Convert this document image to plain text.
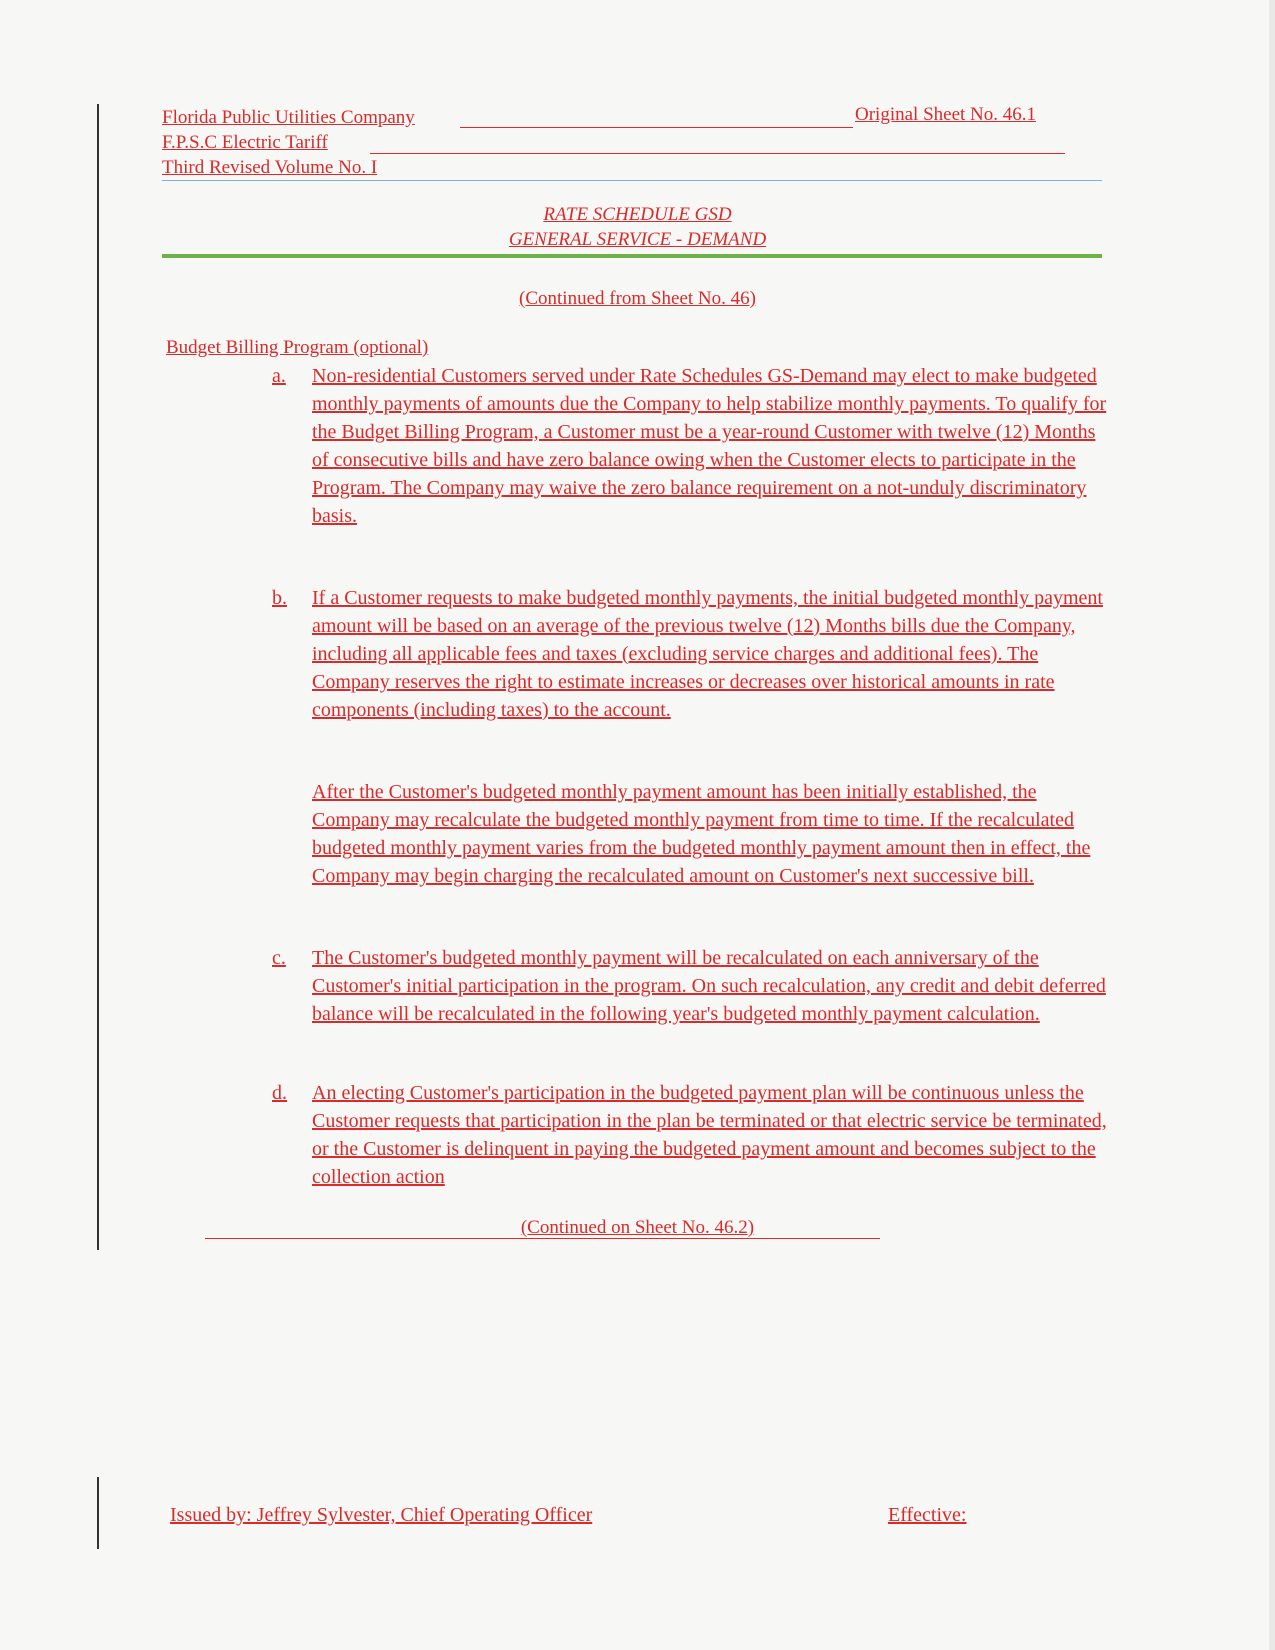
Florida Public Utilities Company	Original Sheet No. 46.1
F.P.S.C Electric Tariff
Third Revised Volume No. I
RATE SCHEDULE GSD
GENERAL SERVICE - DEMAND
(Continued from Sheet No. 46)
Budget Billing Program (optional)
a. Non-residential Customers served under Rate Schedules GS-Demand may elect to make budgeted monthly payments of amounts due the Company to help stabilize monthly payments. To qualify for the Budget Billing Program, a Customer must be a year-round Customer with twelve (12) Months of consecutive bills and have zero balance owing when the Customer elects to participate in the Program. The Company may waive the zero balance requirement on a not-unduly discriminatory basis.
b. If a Customer requests to make budgeted monthly payments, the initial budgeted monthly payment amount will be based on an average of the previous twelve (12) Months bills due the Company, including all applicable fees and taxes (excluding service charges and additional fees). The Company reserves the right to estimate increases or decreases over historical amounts in rate components (including taxes) to the account.
After the Customer's budgeted monthly payment amount has been initially established, the Company may recalculate the budgeted monthly payment from time to time. If the recalculated budgeted monthly payment varies from the budgeted monthly payment amount then in effect, the Company may begin charging the recalculated amount on Customer's next successive bill.
c. The Customer's budgeted monthly payment will be recalculated on each anniversary of the Customer's initial participation in the program. On such recalculation, any credit and debit deferred balance will be recalculated in the following year's budgeted monthly payment calculation.
d. An electing Customer's participation in the budgeted payment plan will be continuous unless the Customer requests that participation in the plan be terminated or that electric service be terminated, or the Customer is delinquent in paying the budgeted payment amount and becomes subject to the collection action
(Continued on Sheet No. 46.2)
Issued by: Jeffrey Sylvester, Chief Operating Officer	Effective:
